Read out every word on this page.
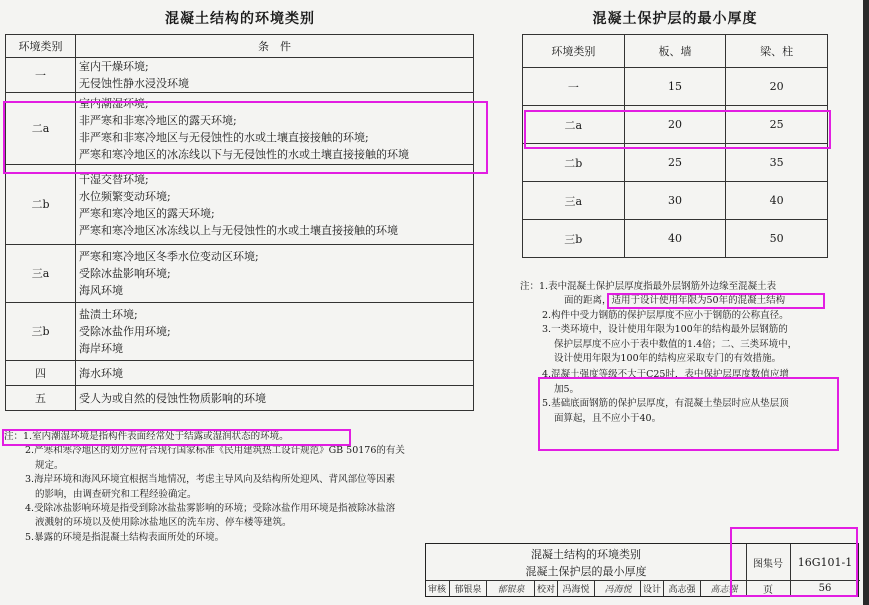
混凝土结构的环境类别
环境类别	条　件
一	室内干燥环境;
无侵蚀性静水浸没环境

二a	室内潮湿环境;
非严寒和非寒冷地区的露天环境;
非严寒和非寒冷地区与无侵蚀性的水或土壤直接接触的环境;
严寒和寒冷地区的冰冻线以下与无侵蚀性的水或土壤直接接触的环境

二b	干湿交替环境;
水位频繁变动环境;
严寒和寒冷地区的露天环境;
严寒和寒冷地区冰冻线以上与无侵蚀性的水或土壤直接接触的环境

三a	严寒和寒冷地区冬季水位变动区环境;
受除冰盐影响环境;
海风环境

三b	盐渍土环境;
受除冰盐作用环境;
海岸环境

四	海水环境

五	受人为或自然的侵蚀性物质影响的环境
注：1.室内潮湿环境是指构件表面经常处于结露或湿润状态的环境。
2.严寒和寒冷地区的划分应符合现行国家标准《民用建筑热工设计规范》GB 50176的有关
规定。
3.海岸环境和海风环境宜根据当地情况，考虑主导风向及结构所处迎风、背风部位等因素
的影响，由调查研究和工程经验确定。
4.受除冰盐影响环境是指受到除冰盐盐雾影响的环境；受除冰盐作用环境是指被除冰盐溶
液溅射的环境以及使用除冰盐地区的洗车房、停车楼等建筑。
5.暴露的环境是指混凝土结构表面所处的环境。
混凝土保护层的最小厚度
环境类别	板、墙	梁、柱
一	15	20
二a	20	25
二b	25	35
三a	30	40
三b	40	50
注：1.表中混凝土保护层厚度指最外层钢筋外边缘至混凝土表
面的距离，适用于设计使用年限为50年的混凝土结构
2.构件中受力钢筋的保护层厚度不应小于钢筋的公称直径。
3.一类环境中，设计使用年限为100年的结构最外层钢筋的
保护层厚度不应小于表中数值的1.4倍；二、三类环境中，
设计使用年限为100年的结构应采取专门的有效措施。
4.混凝土强度等级不大于C25时，表中保护层厚度数值应增
加5。
5.基础底面钢筋的保护层厚度，有混凝土垫层时应从垫层顶
面算起，且不应小于40。
混凝土结构的环境类别
混凝土保护层的最小厚度
图集号	16G101-1
页	56
审核 郁银泉	郁银泉	校对 冯海悦	冯海悦	设计 高志强	高志强
